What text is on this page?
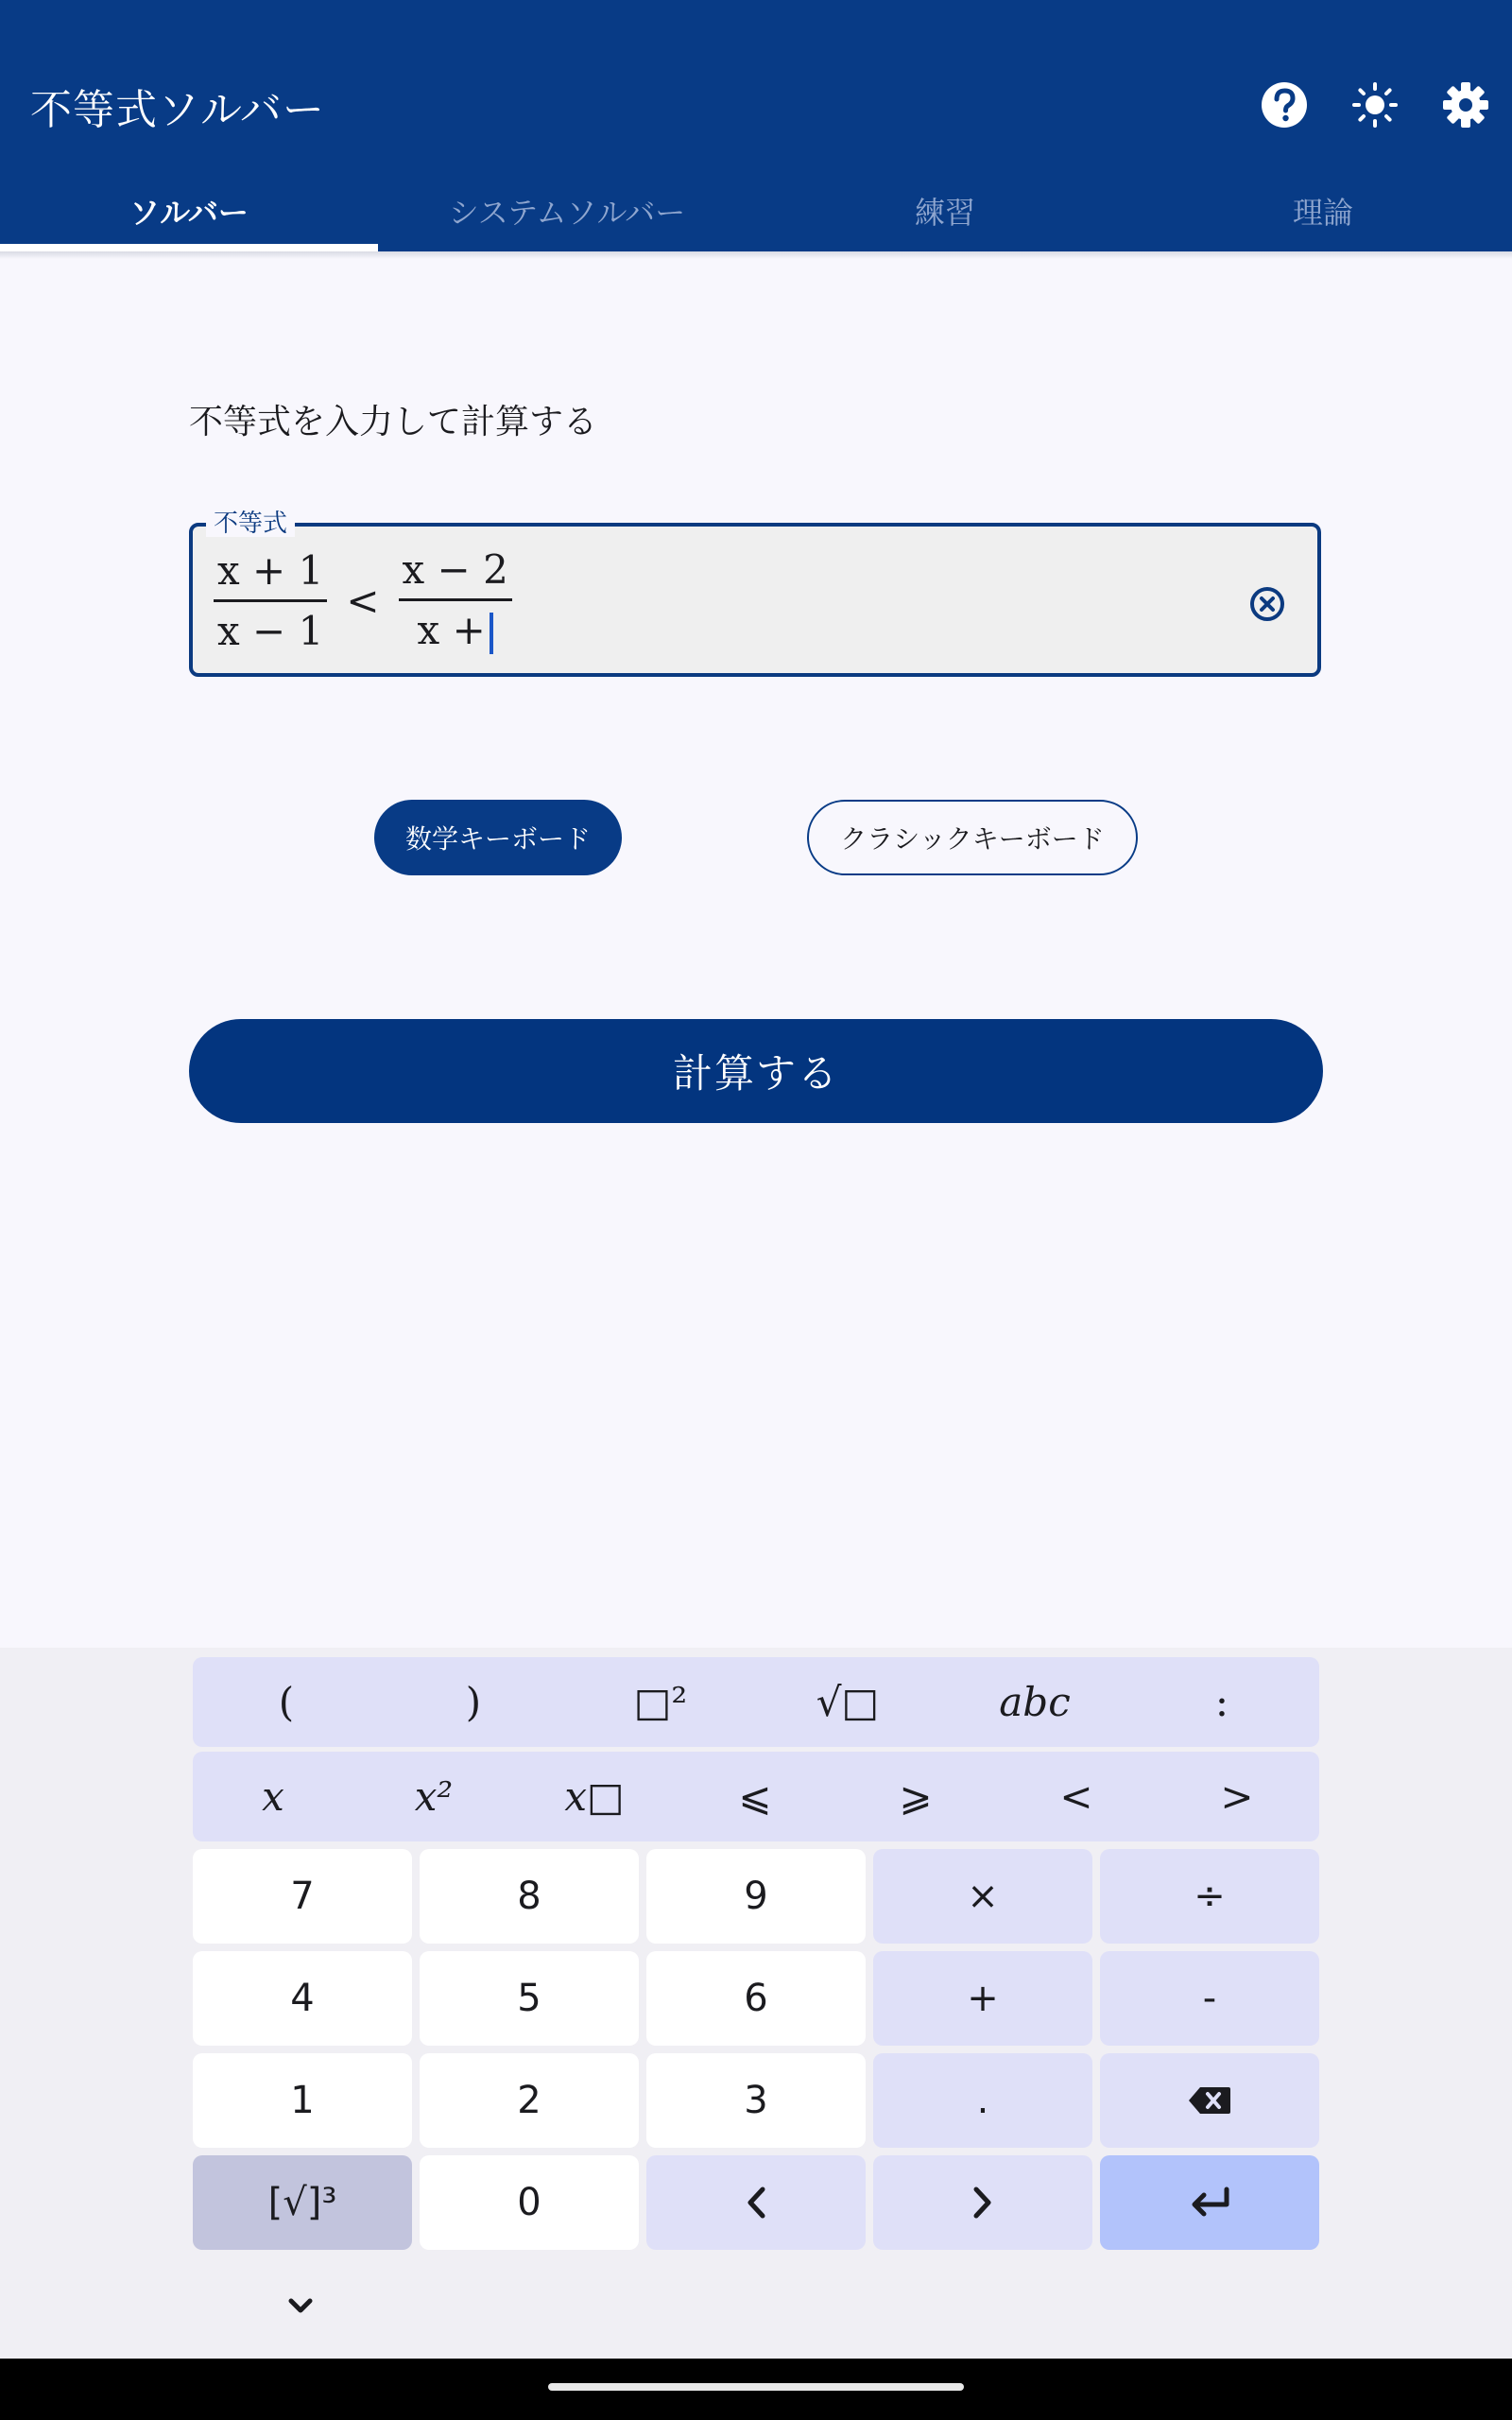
不等式ソルバー
ソルバー	システムソルバー	練習	理論
不等式を入力して計算する
不等式
$\frac{x + 1}{x - 1} < \frac{x - 2}{x +}$
数学キーボード	クラシックキーボード
計算する
(	)	□²	√□	abc	:
x	x²	x□	⩽	⩾	<	>
7	8	9	×	÷
4	5	6	+	-
1	2	3	.
[√]³	0
